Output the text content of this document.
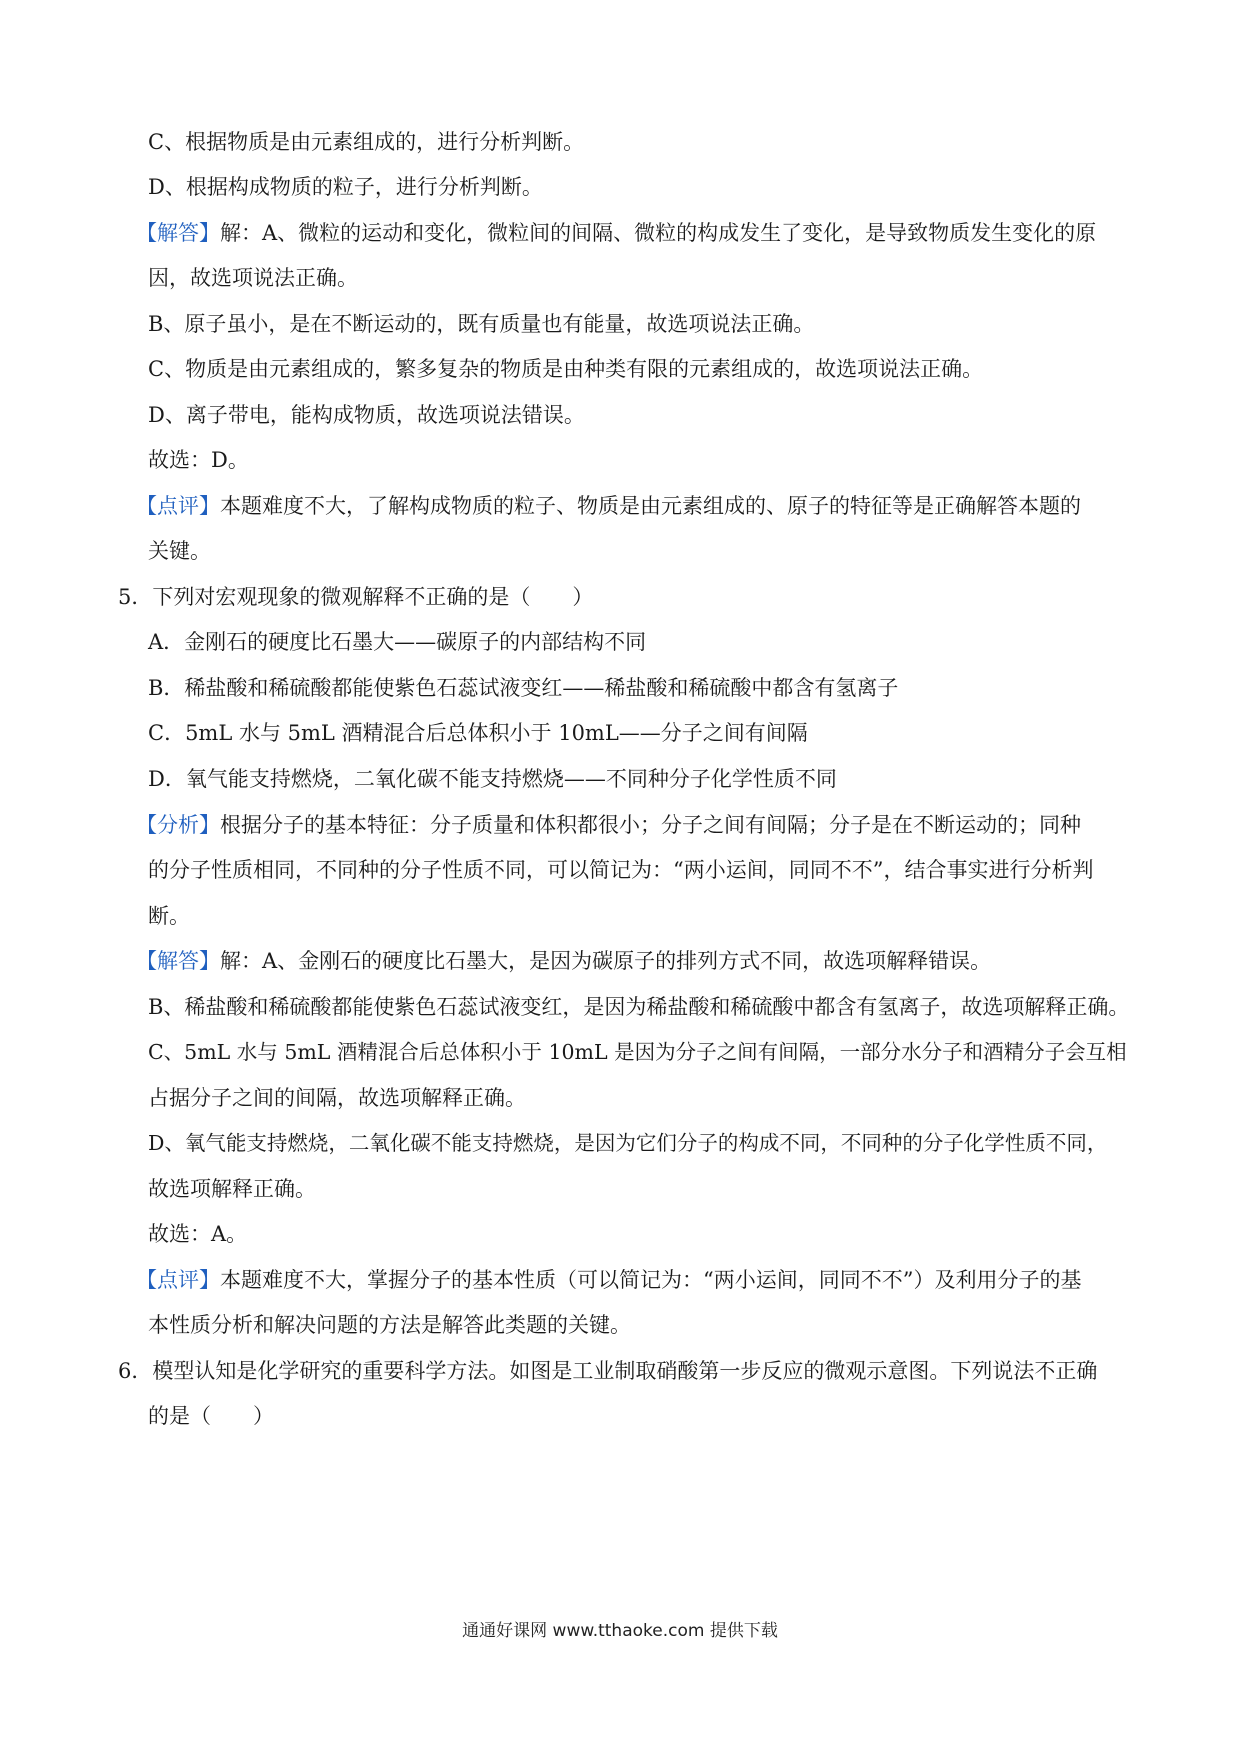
C、根据物质是由元素组成的，进行分析判断。
D、根据构成物质的粒子，进行分析判断。
【解答】解：A、微粒的运动和变化，微粒间的间隔、微粒的构成发生了变化，是导致物质发生变化的原
因，故选项说法正确。
B、原子虽小，是在不断运动的，既有质量也有能量，故选项说法正确。
C、物质是由元素组成的，繁多复杂的物质是由种类有限的元素组成的，故选项说法正确。
D、离子带电，能构成物质，故选项说法错误。
故选：D。
【点评】本题难度不大，了解构成物质的粒子、物质是由元素组成的、原子的特征等是正确解答本题的
关键。
5．下列对宏观现象的微观解释不正确的是（　　）
A．金刚石的硬度比石墨大——碳原子的内部结构不同
B．稀盐酸和稀硫酸都能使紫色石蕊试液变红——稀盐酸和稀硫酸中都含有氢离子
C．5mL 水与 5mL 酒精混合后总体积小于 10mL——分子之间有间隔
D．氧气能支持燃烧，二氧化碳不能支持燃烧——不同种分子化学性质不同
【分析】根据分子的基本特征：分子质量和体积都很小；分子之间有间隔；分子是在不断运动的；同种
的分子性质相同，不同种的分子性质不同，可以简记为：“两小运间，同同不不”，结合事实进行分析判
断。
【解答】解：A、金刚石的硬度比石墨大，是因为碳原子的排列方式不同，故选项解释错误。
B、稀盐酸和稀硫酸都能使紫色石蕊试液变红，是因为稀盐酸和稀硫酸中都含有氢离子，故选项解释正确。
C、5mL 水与 5mL 酒精混合后总体积小于 10mL 是因为分子之间有间隔，一部分水分子和酒精分子会互相
占据分子之间的间隔，故选项解释正确。
D、氧气能支持燃烧，二氧化碳不能支持燃烧，是因为它们分子的构成不同，不同种的分子化学性质不同，
故选项解释正确。
故选：A。
【点评】本题难度不大，掌握分子的基本性质（可以简记为：“两小运间，同同不不”）及利用分子的基
本性质分析和解决问题的方法是解答此类题的关键。
6．模型认知是化学研究的重要科学方法。如图是工业制取硝酸第一步反应的微观示意图。下列说法不正确
的是（　　）
通通好课网 www.tthaoke.com 提供下载
